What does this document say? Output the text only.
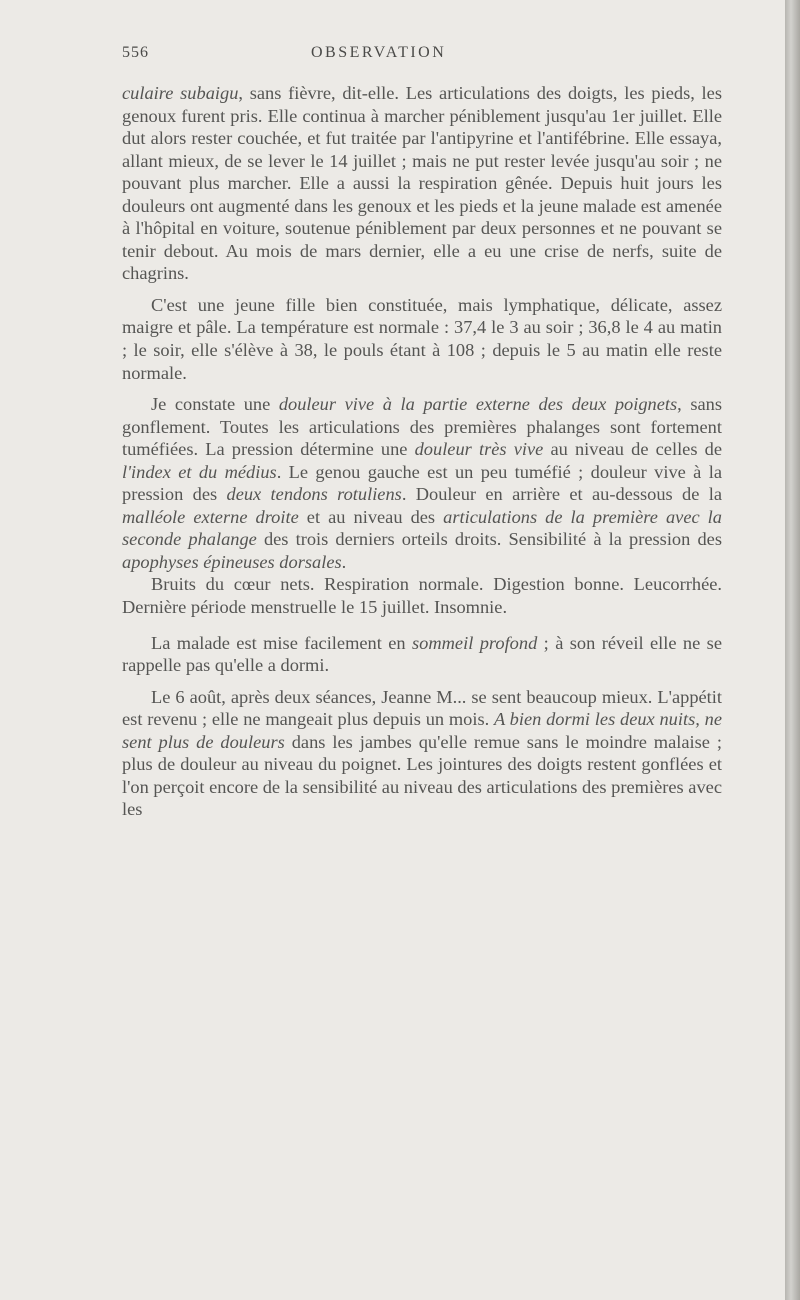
556	OBSERVATION

culaire subaigu, sans fièvre, dit-elle. Les articulations des doigts, les pieds, les genoux furent pris. Elle continua à marcher péniblement jusqu'au 1er juillet. Elle dut alors rester couchée, et fut traitée par l'antipyrine et l'antifébrine. Elle essaya, allant mieux, de se lever le 14 juillet ; mais ne put rester levée jusqu'au soir ; ne pouvant plus marcher. Elle a aussi la respiration gênée. Depuis huit jours les douleurs ont augmenté dans les genoux et les pieds et la jeune malade est amenée à l'hôpital en voiture, soutenue péniblement par deux personnes et ne pouvant se tenir debout. Au mois de mars dernier, elle a eu une crise de nerfs, suite de chagrins.

C'est une jeune fille bien constituée, mais lymphatique, délicate, assez maigre et pâle. La température est normale : 37,4 le 3 au soir ; 36,8 le 4 au matin ; le soir, elle s'élève à 38, le pouls étant à 108 ; depuis le 5 au matin elle reste normale.

Je constate une douleur vive à la partie externe des deux poignets, sans gonflement. Toutes les articulations des premières phalanges sont fortement tuméfiées. La pression détermine une douleur très vive au niveau de celles de l'index et du médius. Le genou gauche est un peu tuméfié ; douleur vive à la pression des deux tendons rotuliens. Douleur en arrière et au-dessous de la malléole externe droite et au niveau des articulations de la première avec la seconde phalange des trois derniers orteils droits. Sensibilité à la pression des apophyses épineuses dorsales.

Bruits du cœur nets. Respiration normale. Digestion bonne. Leucorrhée. Dernière période menstruelle le 15 juillet. Insomnie.

La malade est mise facilement en sommeil profond ; à son réveil elle ne se rappelle pas qu'elle a dormi.

Le 6 août, après deux séances, Jeanne M... se sent beaucoup mieux. L'appétit est revenu ; elle ne mangeait plus depuis un mois. A bien dormi les deux nuits, ne sent plus de douleurs dans les jambes qu'elle remue sans le moindre malaise ; plus de douleur au niveau du poignet. Les jointures des doigts restent gonflées et l'on perçoit encore de la sensibilité au niveau des articulations des premières avec les
